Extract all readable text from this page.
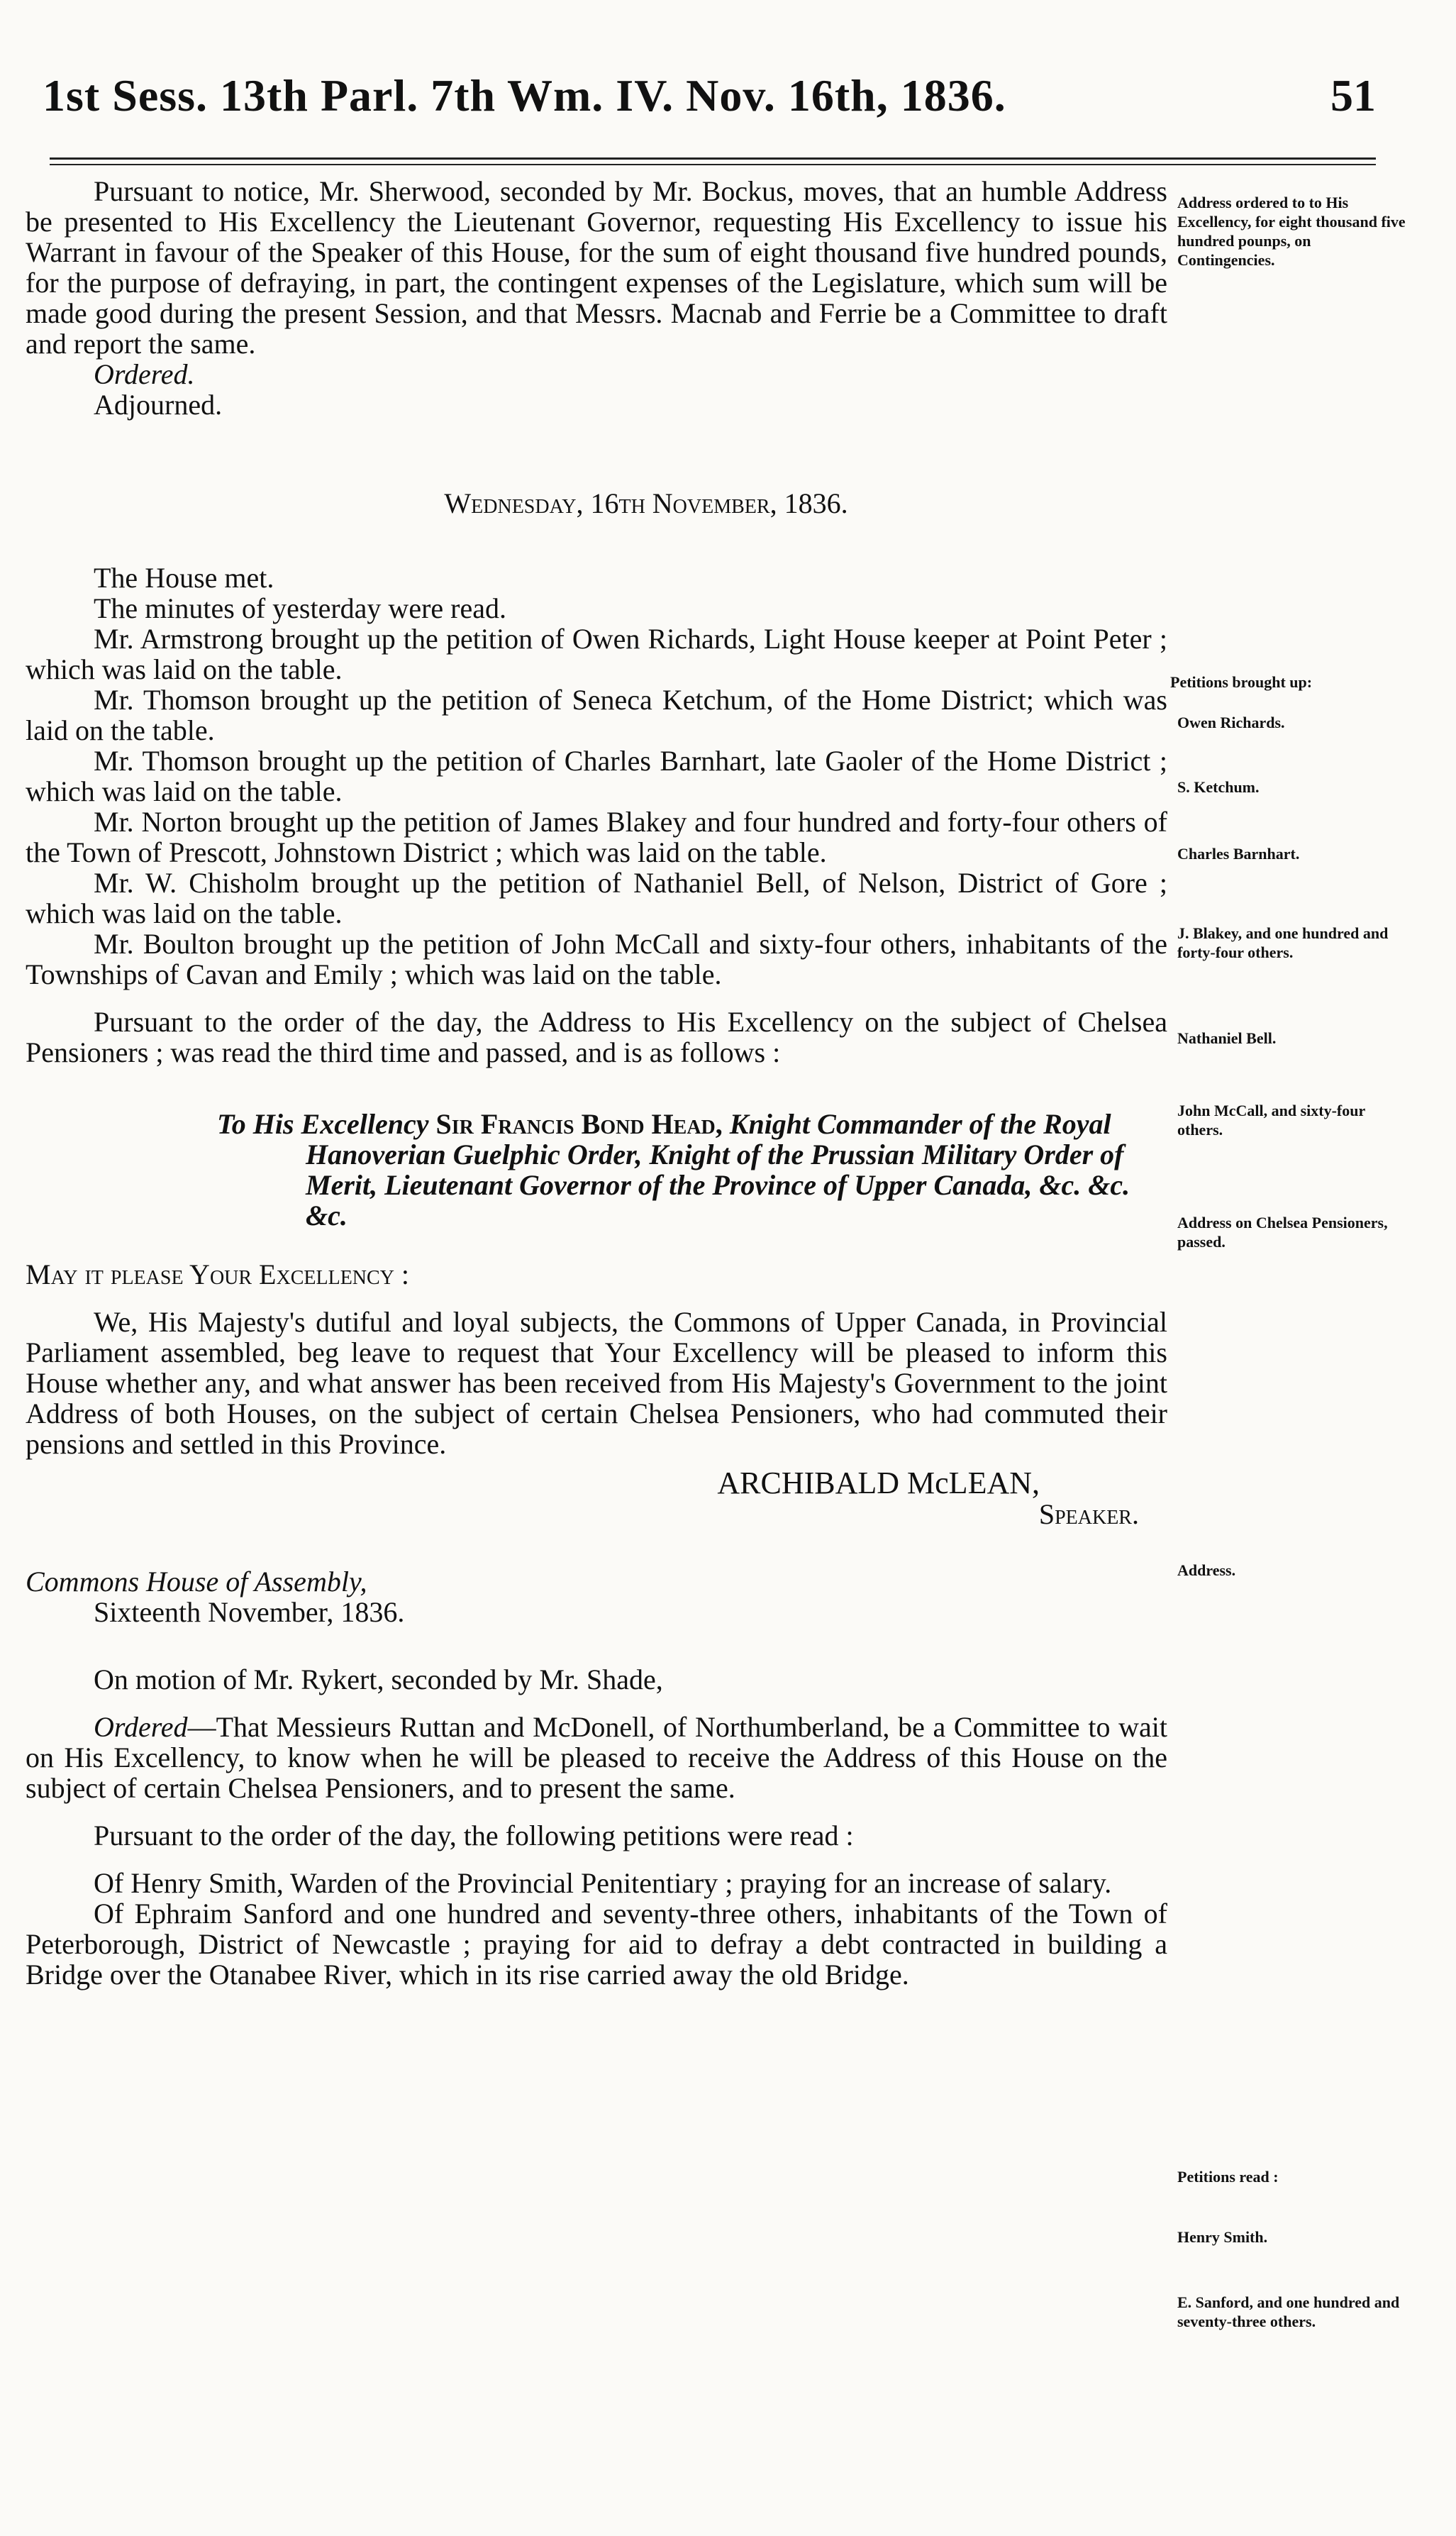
1st Sess. 13th Parl. 7th Wm. IV. Nov. 16th, 1836.	51

Pursuant to notice, Mr. Sherwood, seconded by Mr. Bockus, moves, that an humble Address be presented to His Excellency the Lieutenant Governor, requesting His Excellency to issue his Warrant in favour of the Speaker of this House, for the sum of eight thousand five hundred pounds, for the purpose of defraying, in part, the contingent expenses of the Legislature, which sum will be made good during the present Session, and that Messrs. Macnab and Ferrie be a Committee to draft and report the same.

Ordered.

Adjourned.

Wednesday, 16th November, 1836.

The House met.

The minutes of yesterday were read.

Mr. Armstrong brought up the petition of Owen Richards, Light House keeper at Point Peter ; which was laid on the table.

Mr. Thomson brought up the petition of Seneca Ketchum, of the Home District; which was laid on the table.

Mr. Thomson brought up the petition of Charles Barnhart, late Gaoler of the Home District ; which was laid on the table.

Mr. Norton brought up the petition of James Blakey and four hundred and forty-four others of the Town of Prescott, Johnstown District ; which was laid on the table.

Mr. W. Chisholm brought up the petition of Nathaniel Bell, of Nelson, District of Gore ; which was laid on the table.

Mr. Boulton brought up the petition of John McCall and sixty-four others, inhabitants of the Townships of Cavan and Emily ; which was laid on the table.

Pursuant to the order of the day, the Address to His Excellency on the subject of Chelsea Pensioners ; was read the third time and passed, and is as follows :

To His Excellency Sir Francis Bond Head, Knight Commander of the Royal Hanoverian Guelphic Order, Knight of the Prussian Military Order of Merit, Lieutenant Governor of the Province of Upper Canada, &c. &c. &c.

May it please Your Excellency :

We, His Majesty's dutiful and loyal subjects, the Commons of Upper Canada, in Provincial Parliament assembled, beg leave to request that Your Excellency will be pleased to inform this House whether any, and what answer has been received from His Majesty's Government to the joint Address of both Houses, on the subject of certain Chelsea Pensioners, who had commuted their pensions and settled in this Province.

ARCHIBALD McLEAN,

Speaker.

Commons House of Assembly,

Sixteenth November, 1836.

On motion of Mr. Rykert, seconded by Mr. Shade,

Ordered—That Messieurs Ruttan and McDonell, of Northumberland, be a Committee to wait on His Excellency, to know when he will be pleased to receive the Address of this House on the subject of certain Chelsea Pensioners, and to present the same.

Pursuant to the order of the day, the following petitions were read :

Of Henry Smith, Warden of the Provincial Penitentiary ; praying for an increase of salary.

Of Ephraim Sanford and one hundred and seventy-three others, inhabitants of the Town of Peterborough, District of Newcastle ; praying for aid to defray a debt contracted in building a Bridge over the Otanabee River, which in its rise carried away the old Bridge.

Address ordered to to His Excellency, for eight thousand five hundred pounps, on Contingencies.
Petitions brought up:
Owen Richards.
S. Ketchum.
Charles Barnhart.
J. Blakey, and one hundred and forty-four others.
Nathaniel Bell.
John McCall, and sixty-four others.
Address on Chelsea Pensioners, passed.
Address.
Petitions read :
Henry Smith.
E. Sanford, and one hundred and seventy-three others.
